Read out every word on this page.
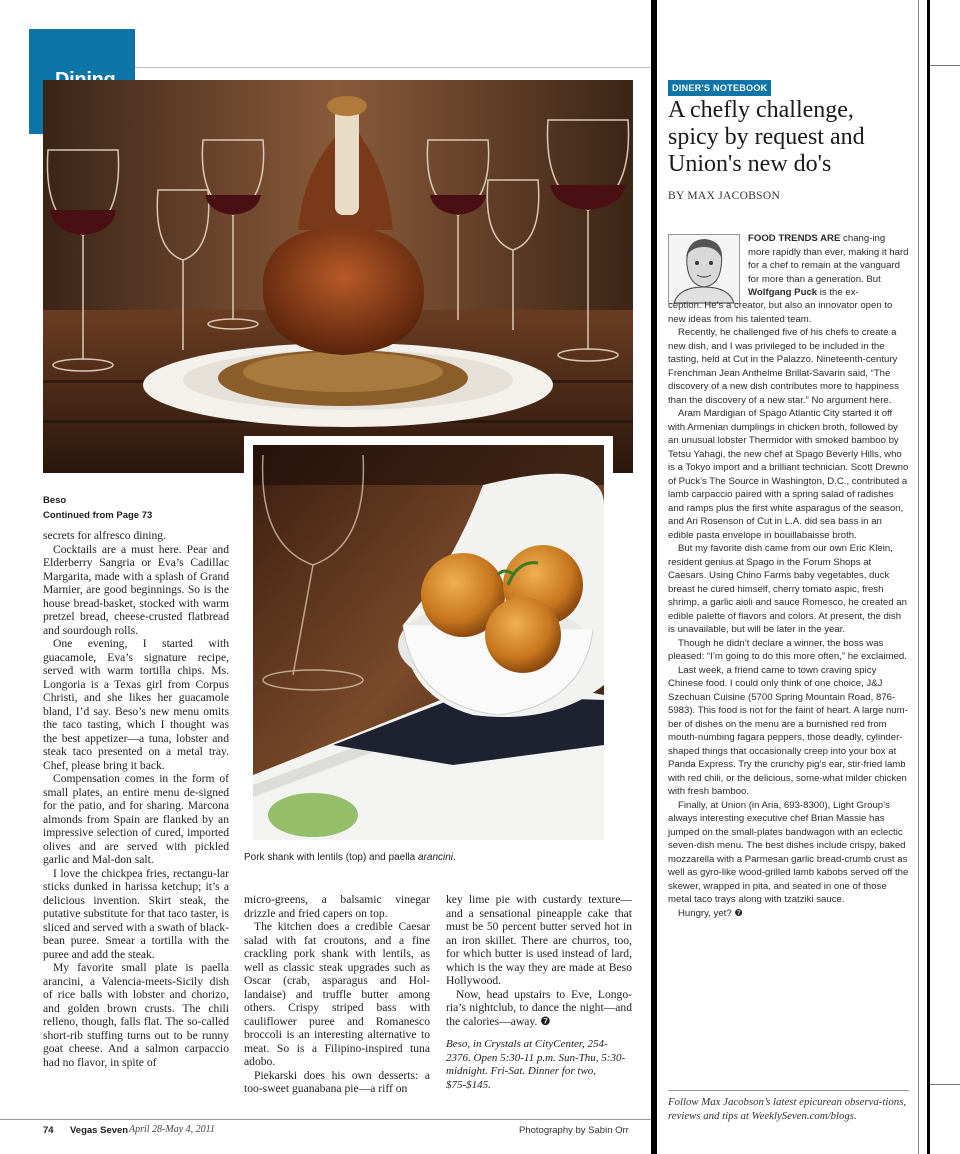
Pork shank with lentils (top) and paella arancini.
Beso
Continued from Page 73

secrets for alfresco dining.

Cocktails are a must here. Pear and Elderberry Sangria or Eva’s Cadillac Margarita, made with a splash of Grand Marnier, are good beginnings. So is the house bread-basket, stocked with warm pretzel bread, cheese-crusted flatbread and sourdough rolls.

One evening, I started with guacamole, Eva’s signature recipe, served with warm tortilla chips. Ms. Longoria is a Texas girl from Corpus Christi, and she likes her guacamole bland, I’d say. Beso’s new menu omits the taco tasting, which I thought was the best appetizer—a tuna, lobster and steak taco presented on a metal tray. Chef, please bring it back.

Compensation comes in the form of small plates, an entire menu de-signed for the patio, and for sharing. Marcona almonds from Spain are flanked by an impressive selection of cured, imported olives and are served with pickled garlic and Mal-don salt.

I love the chickpea fries, rectangu-lar sticks dunked in harissa ketchup; it’s a delicious invention. Skirt steak, the putative substitute for that taco taster, is sliced and served with a swath of black-bean puree. Smear a tortilla with the puree and add the steak.

My favorite small plate is paella arancini, a Valencia-meets-Sicily dish of rice balls with lobster and chorizo, and golden brown crusts. The chili relleno, though, falls flat. The so-called short-rib stuffing turns out to be runny goat cheese. And a salmon carpaccio had no flavor, in spite of

micro-greens, a balsamic vinegar drizzle and fried capers on top.

The kitchen does a credible Caesar salad with fat croutons, and a fine crackling pork shank with lentils, as well as classic steak upgrades such as Oscar (crab, asparagus and Hol-landaise) and truffle butter among others. Crispy striped bass with cauliflower puree and Romanesco broccoli is an interesting alternative to meat. So is a Filipino-inspired tuna adobo.

Piekarski does his own desserts: a too-sweet guanabana pie—a riff on

key lime pie with custardy texture—and a sensational pineapple cake that must be 50 percent butter served hot in an iron skillet. There are churros, too, for which butter is used instead of lard, which is the way they are made at Beso Hollywood.

Now, head upstairs to Eve, Longo-ria’s nightclub, to dance the night—and the calories—away. ❼

Beso, in Crystals at CityCenter, 254-2376. Open 5:30-11 p.m. Sun-Thu, 5:30-midnight. Fri-Sat. Dinner for two, $75-$145.

DINER'S NOTEBOOK
A chefly challenge, spicy by request and Union's new do's
BY MAX JACOBSON

FOOD TRENDS ARE chang-ing more rapidly than ever, making it hard for a chef to remain at the vanguard for more than a generation. But Wolfgang Puck is the ex-

ception. He’s a creator, but also an innovator open to new ideas from his talented team.

Recently, he challenged five of his chefs to create a new dish, and I was privileged to be included in the tasting, held at Cut in the Palazzo. Nineteenth-century Frenchman Jean Anthelme Brillat-Savarin said, “The discovery of a new dish contributes more to happiness than the discovery of a new star.” No argument here.

Aram Mardigian of Spago Atlantic City started it off with Armenian dumplings in chicken broth, followed by an unusual lobster Thermidor with smoked bamboo by Tetsu Yahagi, the new chef at Spago Beverly Hills, who is a Tokyo import and a brilliant technician. Scott Drewno of Puck’s The Source in Washington, D.C., contributed a lamb carpaccio paired with a spring salad of radishes and ramps plus the first white asparagus of the season, and Ari Rosenson of Cut in L.A. did sea bass in an edible pasta envelope in bouillabaisse broth.

But my favorite dish came from our own Eric Klein, resident genius at Spago in the Forum Shops at Caesars. Using Chino Farms baby vegetables, duck breast he cured himself, cherry tomato aspic, fresh shrimp, a garlic aioli and sauce Romesco, he created an edible palette of flavors and colors. At present, the dish is unavailable, but will be later in the year.

Though he didn’t declare a winner, the boss was pleased: “I’m going to do this more often,” he exclaimed.

Last week, a friend came to town craving spicy Chinese food. I could only think of one choice, J&J Szechuan Cuisine (5700 Spring Mountain Road, 876-5983). This food is not for the faint of heart. A large num-ber of dishes on the menu are a burnished red from mouth-numbing fagara peppers, those deadly, cylinder-shaped things that occasionally creep into your box at Panda Express. Try the crunchy pig’s ear, stir-fried lamb with red chili, or the delicious, some-what milder chicken with fresh bamboo.

Finally, at Union (in Aria, 693-8300), Light Group’s always interesting executive chef Brian Massie has jumped on the small-plates bandwagon with an eclectic seven-dish menu. The best dishes include crispy, baked mozzarella with a Parmesan garlic bread-crumb crust as well as gyro-like wood-grilled lamb kabobs served off the skewer, wrapped in pita, and seated in one of those metal taco trays along with tzatziki sauce.

Hungry, yet? ❼

Follow Max Jacobson’s latest epicurean observa-tions, reviews and tips at WeeklySeven.com/blogs.
74 Vegas Seven April 28-May 4, 2011	Photography by Sabin Orr
